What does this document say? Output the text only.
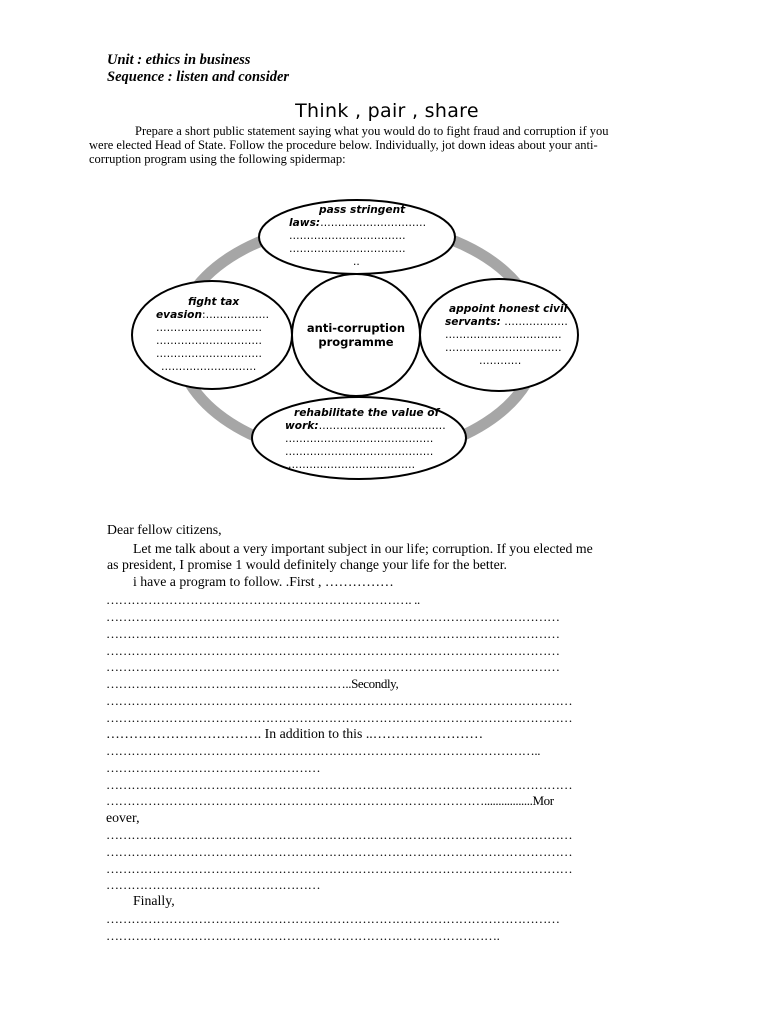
Unit : ethics in business
Sequence : listen and consider
Think , pair , share
Prepare a short public statement saying what you would do to fight fraud and corruption if you
were elected Head of State. Follow the procedure below. Individually, jot down ideas about your anti-
corruption program using the following spidermap:
pass stringent
laws:…………………………
……………………………
……………………………
..
fight tax
evasion:………………
…………………………
…………………………
…………………………
………………………
anti-corruption
programme
appoint honest civil
servants: ………………
……………………………
……………………………
…………
rehabilitate the value of
work:………………………………
……………………………………
……………………………………
………………………………
Dear fellow citizens,
Let me talk about a very important subject in our life; corruption. If you elected me
as president, I promise 1 would definitely change your life for the better.
i have a program to follow. .First , ……………
………………………………………………………………. ..
………………………………………………………………………………………………
………………………………………………………………………………………………
………………………………………………………………………………………………
………………………………………………………………………………………………
…………………………………………………..Secondly,
…………………………………………………………………………………………………
…………………………………………………………………………………………………
……………………………. In addition to this ..……………………
…………………………………………………………………………………………..
……………………………………………
…………………………………………………………………………………………………
……………………………………………………………………………….................Mor
eover,
…………………………………………………………………………………………………
…………………………………………………………………………………………………
…………………………………………………………………………………………………
……………………………………………
Finally,
………………………………………………………………………………………………
………………………………………………………………………………….
